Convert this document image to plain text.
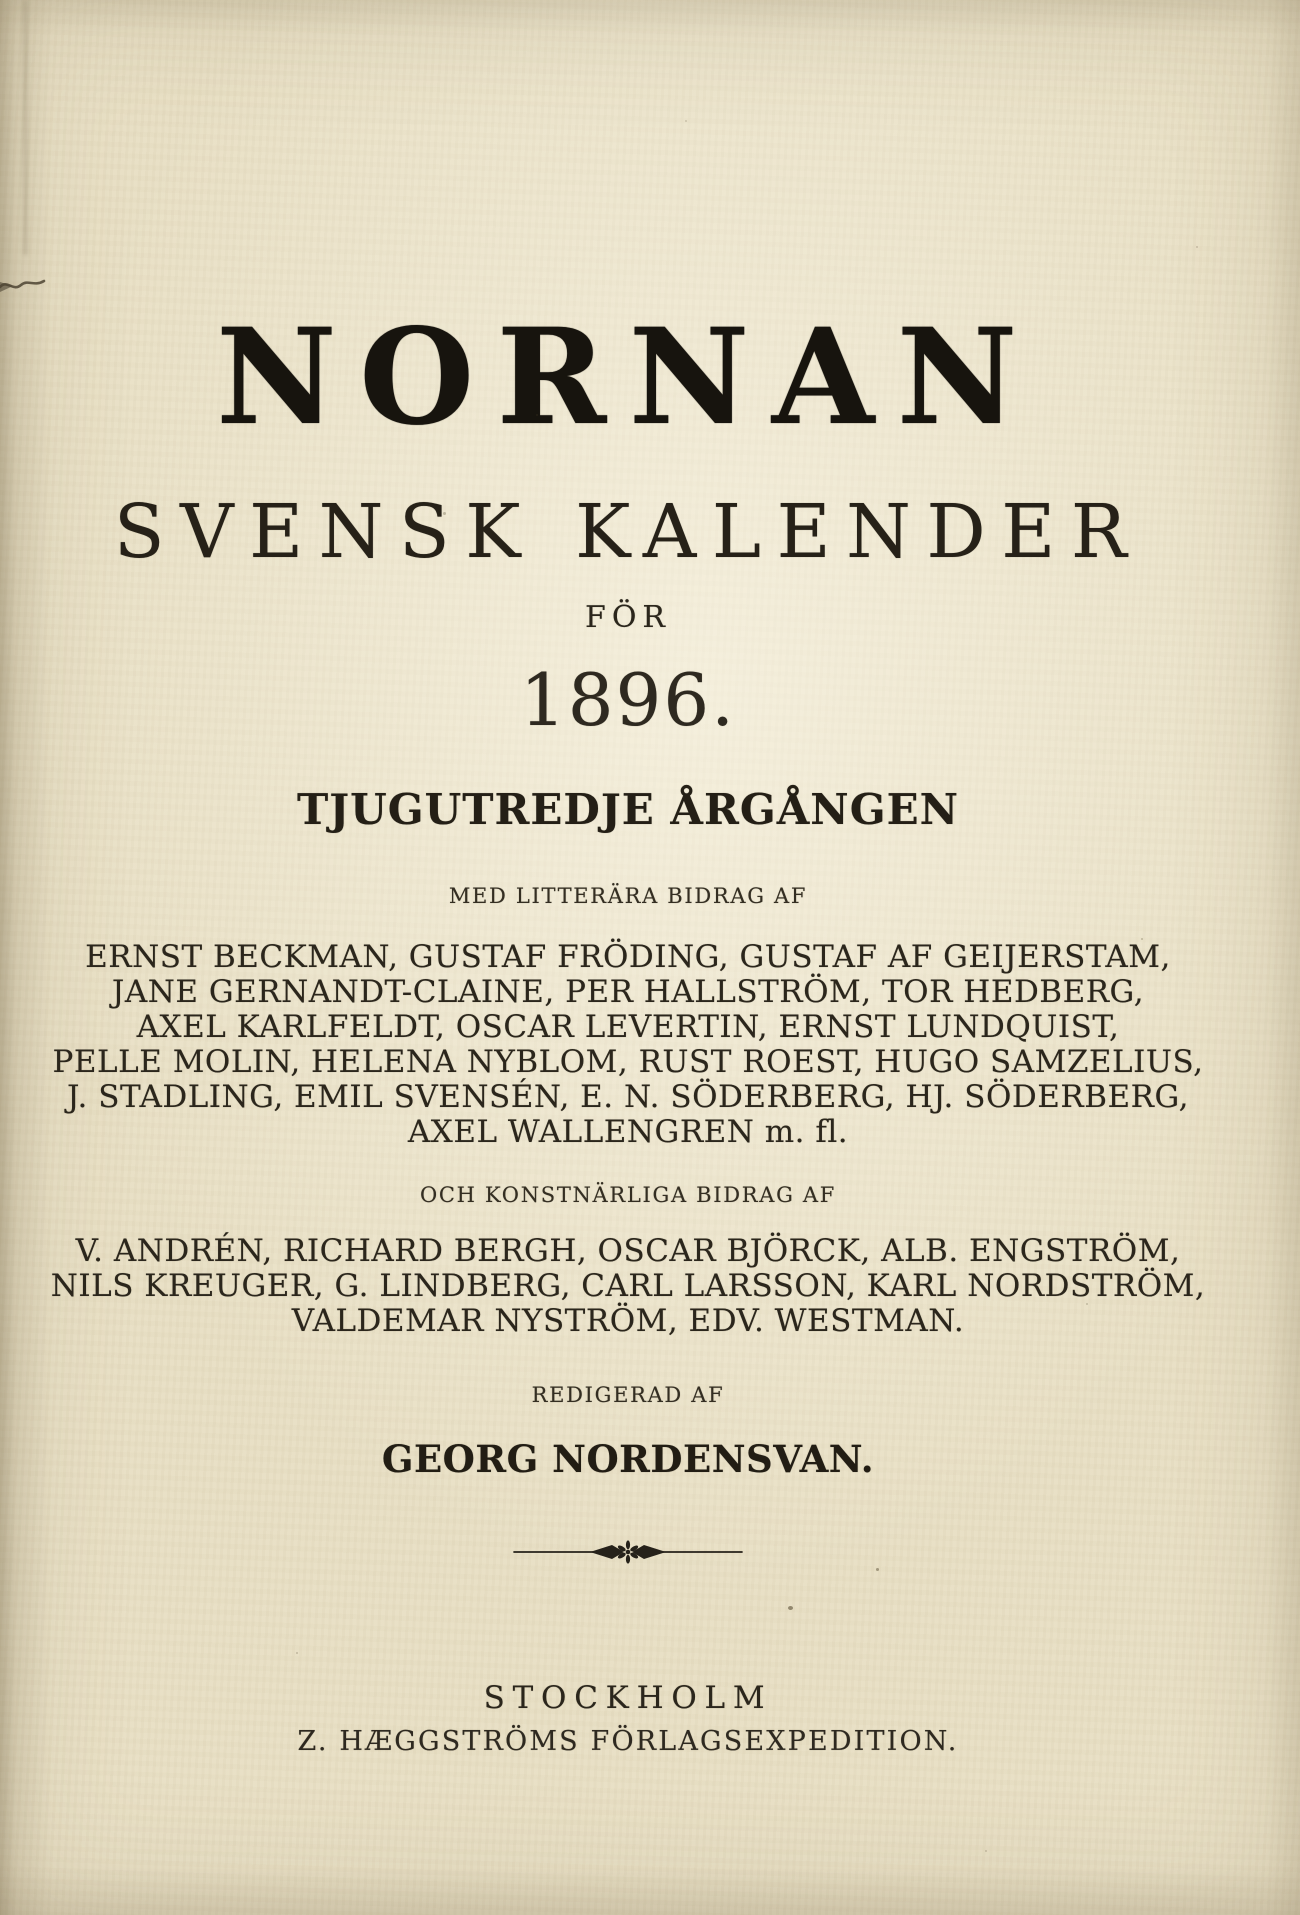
NORNAN
SVENSK KALENDER
FÖR
1896.
TJUGUTREDJE ÅRGÅNGEN
MED LITTERÄRA BIDRAG AF
ERNST BECKMAN, GUSTAF FRÖDING, GUSTAF AF GEIJERSTAM,
JANE GERNANDT-CLAINE, PER HALLSTRÖM, TOR HEDBERG,
AXEL KARLFELDT, OSCAR LEVERTIN, ERNST LUNDQUIST,
PELLE MOLIN, HELENA NYBLOM, RUST ROEST, HUGO SAMZELIUS,
J. STADLING, EMIL SVENSÉN, E. N. SÖDERBERG, HJ. SÖDERBERG,
AXEL WALLENGREN m. fl.
OCH KONSTNÄRLIGA BIDRAG AF
V. ANDRÉN, RICHARD BERGH, OSCAR BJÖRCK, ALB. ENGSTRÖM,
NILS KREUGER, G. LINDBERG, CARL LARSSON, KARL NORDSTRÖM,
VALDEMAR NYSTRÖM, EDV. WESTMAN.
REDIGERAD AF
GEORG NORDENSVAN.
STOCKHOLM
Z. HÆGGSTRÖMS FÖRLAGSEXPEDITION.
